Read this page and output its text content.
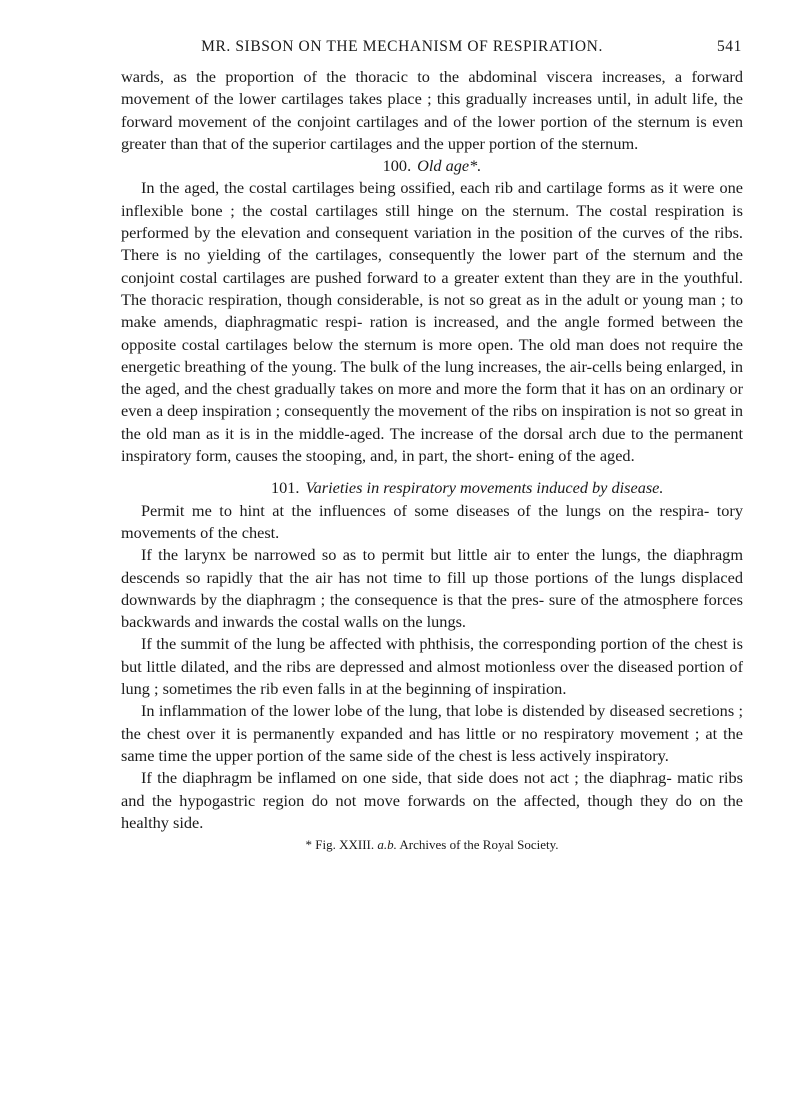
MR. SIBSON ON THE MECHANISM OF RESPIRATION.	541

wards, as the proportion of the thoracic to the abdominal viscera increases, a forward movement of the lower cartilages takes place ; this gradually increases until, in adult life, the forward movement of the conjoint cartilages and of the lower portion of the sternum is even greater than that of the superior cartilages and the upper portion of the sternum.

100. Old age*.

In the aged, the costal cartilages being ossified, each rib and cartilage forms as it were one inflexible bone ; the costal cartilages still hinge on the sternum. The costal respiration is performed by the elevation and consequent variation in the position of the curves of the ribs. There is no yielding of the cartilages, consequently the lower part of the sternum and the conjoint costal cartilages are pushed forward to a greater extent than they are in the youthful. The thoracic respiration, though considerable, is not so great as in the adult or young man ; to make amends, diaphragmatic respi- ration is increased, and the angle formed between the opposite costal cartilages below the sternum is more open. The old man does not require the energetic breathing of the young. The bulk of the lung increases, the air-cells being enlarged, in the aged, and the chest gradually takes on more and more the form that it has on an ordinary or even a deep inspiration ; consequently the movement of the ribs on inspiration is not so great in the old man as it is in the middle-aged. The increase of the dorsal arch due to the permanent inspiratory form, causes the stooping, and, in part, the short- ening of the aged.

101. Varieties in respiratory movements induced by disease.

Permit me to hint at the influences of some diseases of the lungs on the respira- tory movements of the chest.

If the larynx be narrowed so as to permit but little air to enter the lungs, the diaphragm descends so rapidly that the air has not time to fill up those portions of the lungs displaced downwards by the diaphragm ; the consequence is that the pres- sure of the atmosphere forces backwards and inwards the costal walls on the lungs.

If the summit of the lung be affected with phthisis, the corresponding portion of the chest is but little dilated, and the ribs are depressed and almost motionless over the diseased portion of lung ; sometimes the rib even falls in at the beginning of inspiration.

In inflammation of the lower lobe of the lung, that lobe is distended by diseased secretions ; the chest over it is permanently expanded and has little or no respiratory movement ; at the same time the upper portion of the same side of the chest is less actively inspiratory.

If the diaphragm be inflamed on one side, that side does not act ; the diaphrag- matic ribs and the hypogastric region do not move forwards on the affected, though they do on the healthy side.

* Fig. XXIII. a.b. Archives of the Royal Society.
